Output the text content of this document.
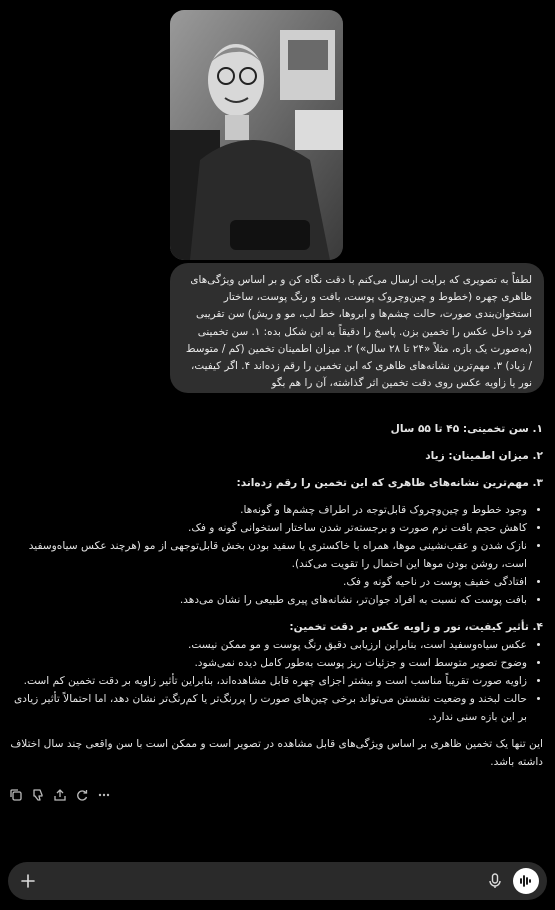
لطفاً به تصویری که برایت ارسال می‌کنم با دقت نگاه کن و بر اساس ویژگی‌های ظاهری چهره (خطوط و چین‌وچروک پوست، بافت و رنگ پوست، ساختار استخوان‌بندی صورت، حالت چشم‌ها و ابروها، خط لب، مو و ریش) سن تقریبی فرد داخل عکس را تخمین بزن. پاسخ را دقیقاً به این شکل بده: ۱. سن تخمینی (به‌صورت یک بازه، مثلاً «۲۴ تا ۲۸ سال») ۲. میزان اطمینان تخمین (کم / متوسط / زیاد) ۳. مهم‌ترین نشانه‌های ظاهری که این تخمین را رقم زده‌اند ۴. اگر کیفیت، نور یا زاویه عکس روی دقت تخمین اثر گذاشته، آن را هم بگو

۱. سن تخمینی: ۴۵ تا ۵۵ سال

۲. میزان اطمینان: زیاد

۳. مهم‌ترین نشانه‌های ظاهری که این تخمین را رقم زده‌اند:

• وجود خطوط و چین‌وچروک قابل‌توجه در اطراف چشم‌ها و گونه‌ها.
• کاهش حجم بافت نرم صورت و برجسته‌تر شدن ساختار استخوانی گونه و فک.
• نازک شدن و عقب‌نشینی موها، همراه با خاکستری یا سفید بودن بخش قابل‌توجهی از مو (هرچند عکس سیاه‌وسفید است، روشن بودن موها این احتمال را تقویت می‌کند).
• افتادگی خفیف پوست در ناحیه گونه و فک.
• بافت پوست که نسبت به افراد جوان‌تر، نشانه‌های پیری طبیعی را نشان می‌دهد.

۴. تأثیر کیفیت، نور و زاویه عکس بر دقت تخمین:

• عکس سیاه‌وسفید است، بنابراین ارزیابی دقیق رنگ پوست و مو ممکن نیست.
• وضوح تصویر متوسط است و جزئیات ریز پوست به‌طور کامل دیده نمی‌شود.
• زاویه صورت تقریباً مناسب است و بیشتر اجزای چهره قابل مشاهده‌اند، بنابراین تأثیر زاویه بر دقت تخمین کم است.
• حالت لبخند و وضعیت نشستن می‌تواند برخی چین‌های صورت را پررنگ‌تر یا کم‌رنگ‌تر نشان دهد، اما احتمالاً تأثیر زیادی بر این بازه سنی ندارد.

این تنها یک تخمین ظاهری بر اساس ویژگی‌های قابل مشاهده در تصویر است و ممکن است با سن واقعی چند سال اختلاف داشته باشد.
